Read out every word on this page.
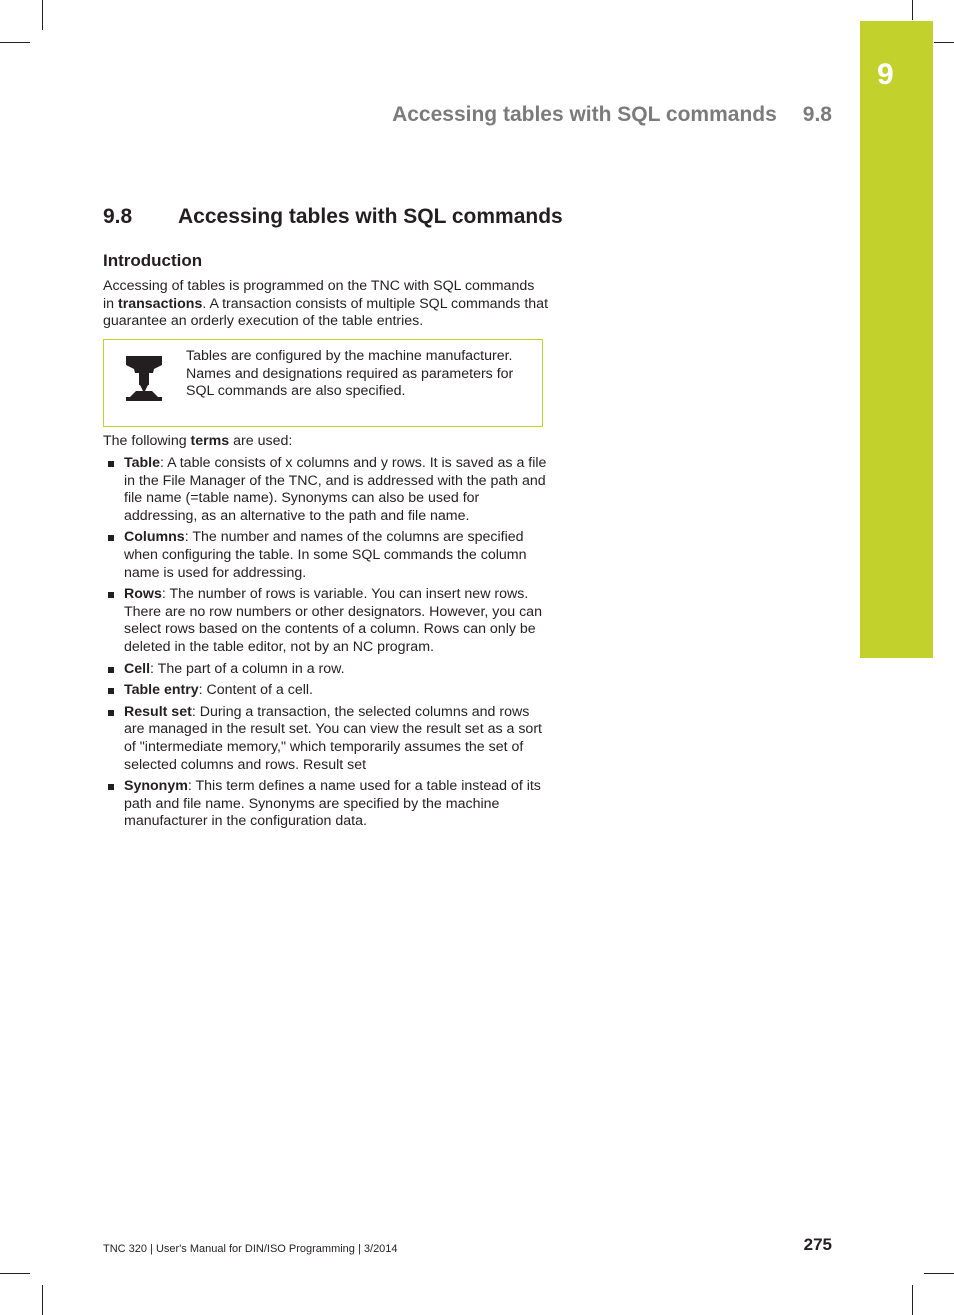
9
Accessing tables with SQL commands 9.8
9.8 Accessing tables with SQL commands
Introduction
Accessing of tables is programmed on the TNC with SQL commands in transactions. A transaction consists of multiple SQL commands that guarantee an orderly execution of the table entries.
Tables are configured by the machine manufacturer. Names and designations required as parameters for SQL commands are also specified.
The following terms are used:
Table: A table consists of x columns and y rows. It is saved as a file in the File Manager of the TNC, and is addressed with the path and file name (=table name). Synonyms can also be used for addressing, as an alternative to the path and file name.
Columns: The number and names of the columns are specified when configuring the table. In some SQL commands the column name is used for addressing.
Rows: The number of rows is variable. You can insert new rows. There are no row numbers or other designators. However, you can select rows based on the contents of a column. Rows can only be deleted in the table editor, not by an NC program.
Cell: The part of a column in a row.
Table entry: Content of a cell.
Result set: During a transaction, the selected columns and rows are managed in the result set. You can view the result set as a sort of "intermediate memory," which temporarily assumes the set of selected columns and rows. Result set
Synonym: This term defines a name used for a table instead of its path and file name. Synonyms are specified by the machine manufacturer in the configuration data.
TNC 320 | User's Manual for DIN/ISO Programming | 3/2014	275
